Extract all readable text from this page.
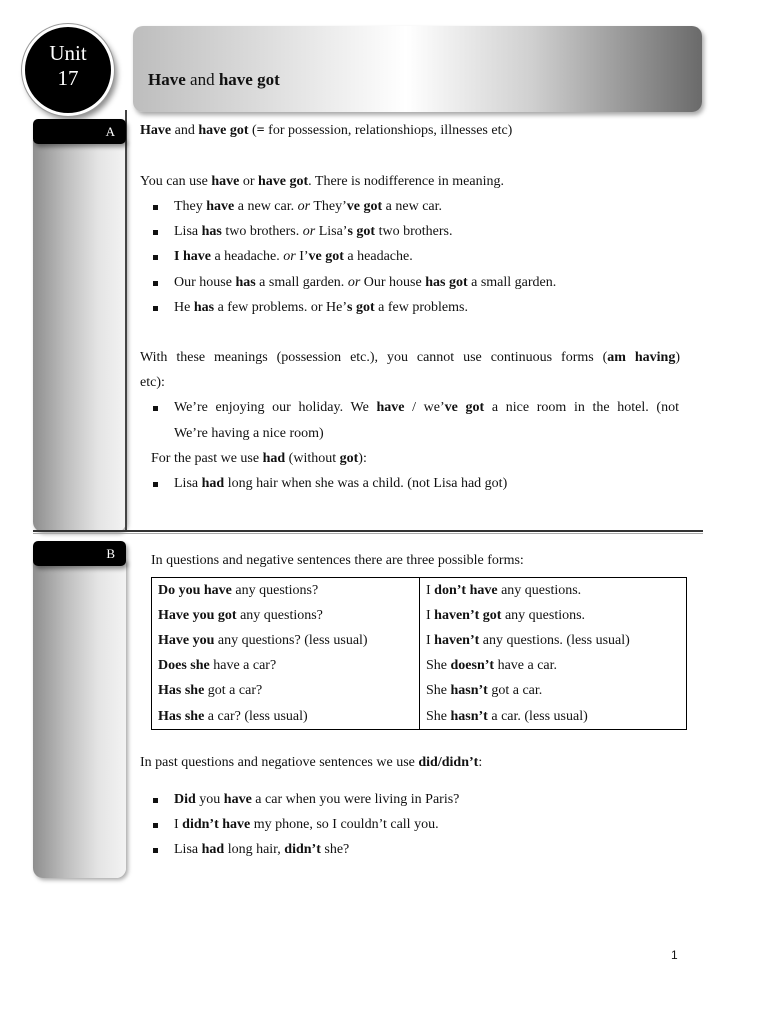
Have and have got
Unit
17
A	Have and have got (= for possession, relationshiops, illnesses etc)
You can use have or have got. There is nodifference in meaning.
They have a new car. or They’ve got a new car.
Lisa has two brothers. or Lisa’s got two brothers.
I have a headache. or I’ve got a headache.
Our house has a small garden. or Our house has got a small garden.
He has a few problems. or He’s got a few problems.
With these meanings (possession etc.), you cannot use continuous forms (am having)
etc):
We’re enjoying our holiday. We have / we’ve got a nice room in the hotel. (not
We’re having a nice room)
For the past we use had (without got):
Lisa had long hair when she was a child. (not Lisa had got)
B	In questions and negative sentences there are three possible forms:
Do you have any questions?	I don’t have any questions.
Have you got any questions?	I haven’t got any questions.
Have you any questions? (less usual)	I haven’t any questions. (less usual)
Does she have a car?	She doesn’t have a car.
Has she got a car?	She hasn’t got a car.
Has she a car? (less usual)	She hasn’t a car. (less usual)
In past questions and negatiove sentences we use did/didn’t:
Did you have a car when you were living in Paris?
I didn’t have my phone, so I couldn’t call you.
Lisa had long hair, didn’t she?
1
